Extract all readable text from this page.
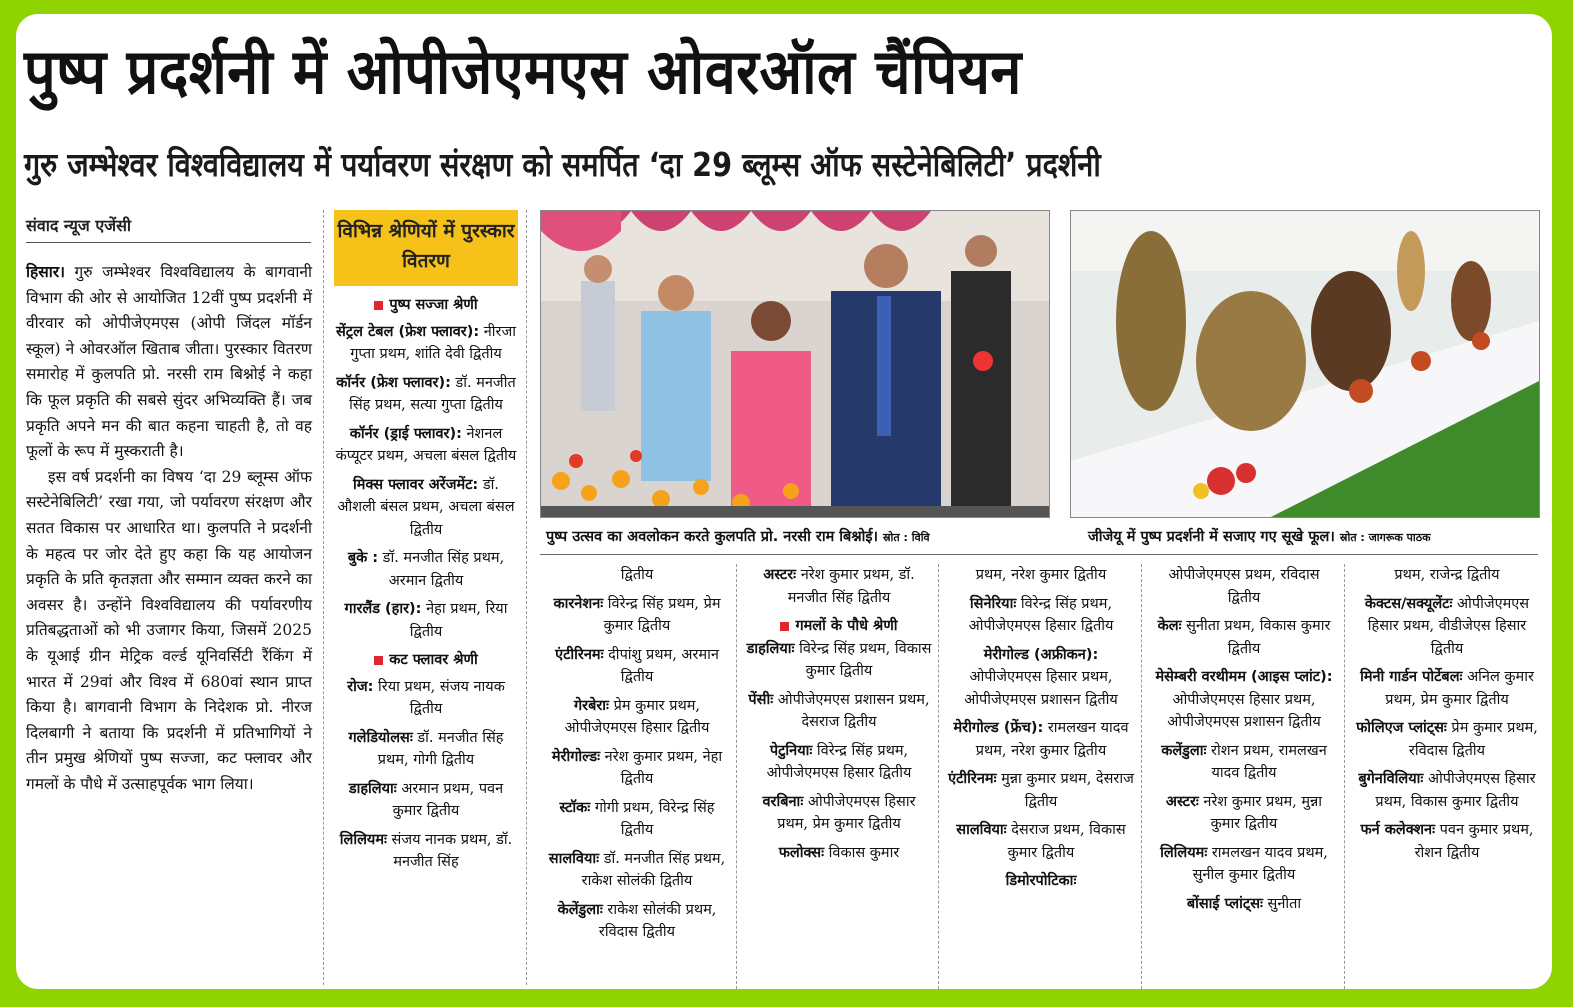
पुष्प प्रदर्शनी में ओपीजेएमएस ओवरऑल चैंपियन
गुरु जम्भेश्वर विश्वविद्यालय में पर्यावरण संरक्षण को समर्पित ‘दा 29 ब्लूम्स ऑफ सस्टेनेबिलिटी’ प्रदर्शनी
संवाद न्यूज एजेंसी

हिसार। गुरु जम्भेश्वर विश्वविद्यालय के बागवानी विभाग की ओर से आयोजित 12वीं पुष्प प्रदर्शनी में वीरवार को ओपीजेएमएस (ओपी जिंदल मॉर्डन स्कूल) ने ओवरऑल खिताब जीता। पुरस्कार वितरण समारोह में कुलपति प्रो. नरसी राम बिश्नोई ने कहा कि फूल प्रकृति की सबसे सुंदर अभिव्यक्ति हैं। जब प्रकृति अपने मन की बात कहना चाहती है, तो वह फूलों के रूप में मुस्कराती है।

इस वर्ष प्रदर्शनी का विषय ‘दा 29 ब्लूम्स ऑफ सस्टेनेबिलिटी’ रखा गया, जो पर्यावरण संरक्षण और सतत विकास पर आधारित था। कुलपति ने प्रदर्शनी के महत्व पर जोर देते हुए कहा कि यह आयोजन प्रकृति के प्रति कृतज्ञता और सम्मान व्यक्त करने का अवसर है। उन्होंने विश्वविद्यालय की पर्यावरणीय प्रतिबद्धताओं को भी उजागर किया, जिसमें 2025 के यूआई ग्रीन मेट्रिक वर्ल्ड यूनिवर्सिटी रैंकिंग में भारत में 29वां और विश्व में 680वां स्थान प्राप्त किया है। बागवानी विभाग के निदेशक प्रो. नीरज दिलबागी ने बताया कि प्रदर्शनी में प्रतिभागियों ने तीन प्रमुख श्रेणियों पुष्प सज्जा, कट फ्लावर और गमलों के पौधे में उत्साहपूर्वक भाग लिया।

विभिन्न श्रेणियों में पुरस्कार वितरण
पुष्प सज्जा श्रेणी
सेंट्रल टेबल (फ्रेश फ्लावर): नीरजा गुप्ता प्रथम, शांति देवी द्वितीय
कॉर्नर (फ्रेश फ्लावर): डॉ. मनजीत सिंह प्रथम, सत्या गुप्ता द्वितीय
कॉर्नर (ड्राई फ्लावर): नेशनल कंप्यूटर प्रथम, अचला बंसल द्वितीय
मिक्स फ्लावर अरेंजमेंट: डॉ. औशली बंसल प्रथम, अचला बंसल द्वितीय
बुके : डॉ. मनजीत सिंह प्रथम, अरमान द्वितीय
गारलैंड (हार): नेहा प्रथम, रिया द्वितीय
कट फ्लावर श्रेणी
रोज: रिया प्रथम, संजय नायक द्वितीय
गलेडियोलसः डॉ. मनजीत सिंह प्रथम, गोगी द्वितीय
डाहलियाः अरमान प्रथम, पवन कुमार द्वितीय
लिलियमः संजय नानक प्रथम, डॉ. मनजीत सिंह
पुष्प उत्सव का अवलोकन करते कुलपति प्रो. नरसी राम बिश्नोई। स्रोत : विवि	जीजेयू में पुष्प प्रदर्शनी में सजाए गए सूखे फूल। स्रोत : जागरूक पाठक
द्वितीय
कारनेशनः विरेन्द्र सिंह प्रथम, प्रेम कुमार द्वितीय
एंटीरिनमः दीपांशु प्रथम, अरमान द्वितीय
गेरबेराः प्रेम कुमार प्रथम, ओपीजेएमएस हिसार द्वितीय
मेरीगोल्डः नरेश कुमार प्रथम, नेहा द्वितीय
स्टॉकः गोगी प्रथम, विरेन्द्र सिंह द्वितीय
सालवियाः डॉ. मनजीत सिंह प्रथम, राकेश सोलंकी द्वितीय
केलेंडुलाः राकेश सोलंकी प्रथम, रविदास द्वितीय
अस्टरः नरेश कुमार प्रथम, डॉ. मनजीत सिंह द्वितीय
गमलों के पौधे श्रेणी
डाहलियाः विरेन्द्र सिंह प्रथम, विकास कुमार द्वितीय
पेंसीः ओपीजेएमएस प्रशासन प्रथम, देसराज द्वितीय
पेटुनियाः विरेन्द्र सिंह प्रथम, ओपीजेएमएस हिसार द्वितीय
वरबिनाः ओपीजेएमएस हिसार प्रथम, प्रेम कुमार द्वितीय
फलोक्सः विकास कुमार
प्रथम, नरेश कुमार द्वितीय
सिनेरियाः विरेन्द्र सिंह प्रथम, ओपीजेएमएस हिसार द्वितीय
मेरीगोल्ड (अफ्रीकन): ओपीजेएमएस हिसार प्रथम, ओपीजेएमएस प्रशासन द्वितीय
मेरीगोल्ड (फ्रेंच): रामलखन यादव प्रथम, नरेश कुमार द्वितीय
एंटीरिनमः मुन्ना कुमार प्रथम, देसराज द्वितीय
सालवियाः देसराज प्रथम, विकास कुमार द्वितीय
डिमोरपोटिकाः
ओपीजेएमएस प्रथम, रविदास द्वितीय
केलः सुनीता प्रथम, विकास कुमार द्वितीय
मेसेम्बरी वरथीमम (आइस प्लांट): ओपीजेएमएस हिसार प्रथम, ओपीजेएमएस प्रशासन द्वितीय
कलेंडुलाः रोशन प्रथम, रामलखन यादव द्वितीय
अस्टरः नरेश कुमार प्रथम, मुन्ना कुमार द्वितीय
लिलियमः रामलखन यादव प्रथम, सुनील कुमार द्वितीय
बोंसाई प्लांट्सः सुनीता
प्रथम, राजेन्द्र द्वितीय
केक्टस/सक्यूलेंटः ओपीजेएमएस हिसार प्रथम, वीडीजेएस हिसार द्वितीय
मिनी गार्डन पोर्टेबलः अनिल कुमार प्रथम, प्रेम कुमार द्वितीय
फोलिएज प्लांट्सः प्रेम कुमार प्रथम, रविदास द्वितीय
बुगेनविलियाः ओपीजेएमएस हिसार प्रथम, विकास कुमार द्वितीय
फर्न कलेक्शनः पवन कुमार प्रथम, रोशन द्वितीय
